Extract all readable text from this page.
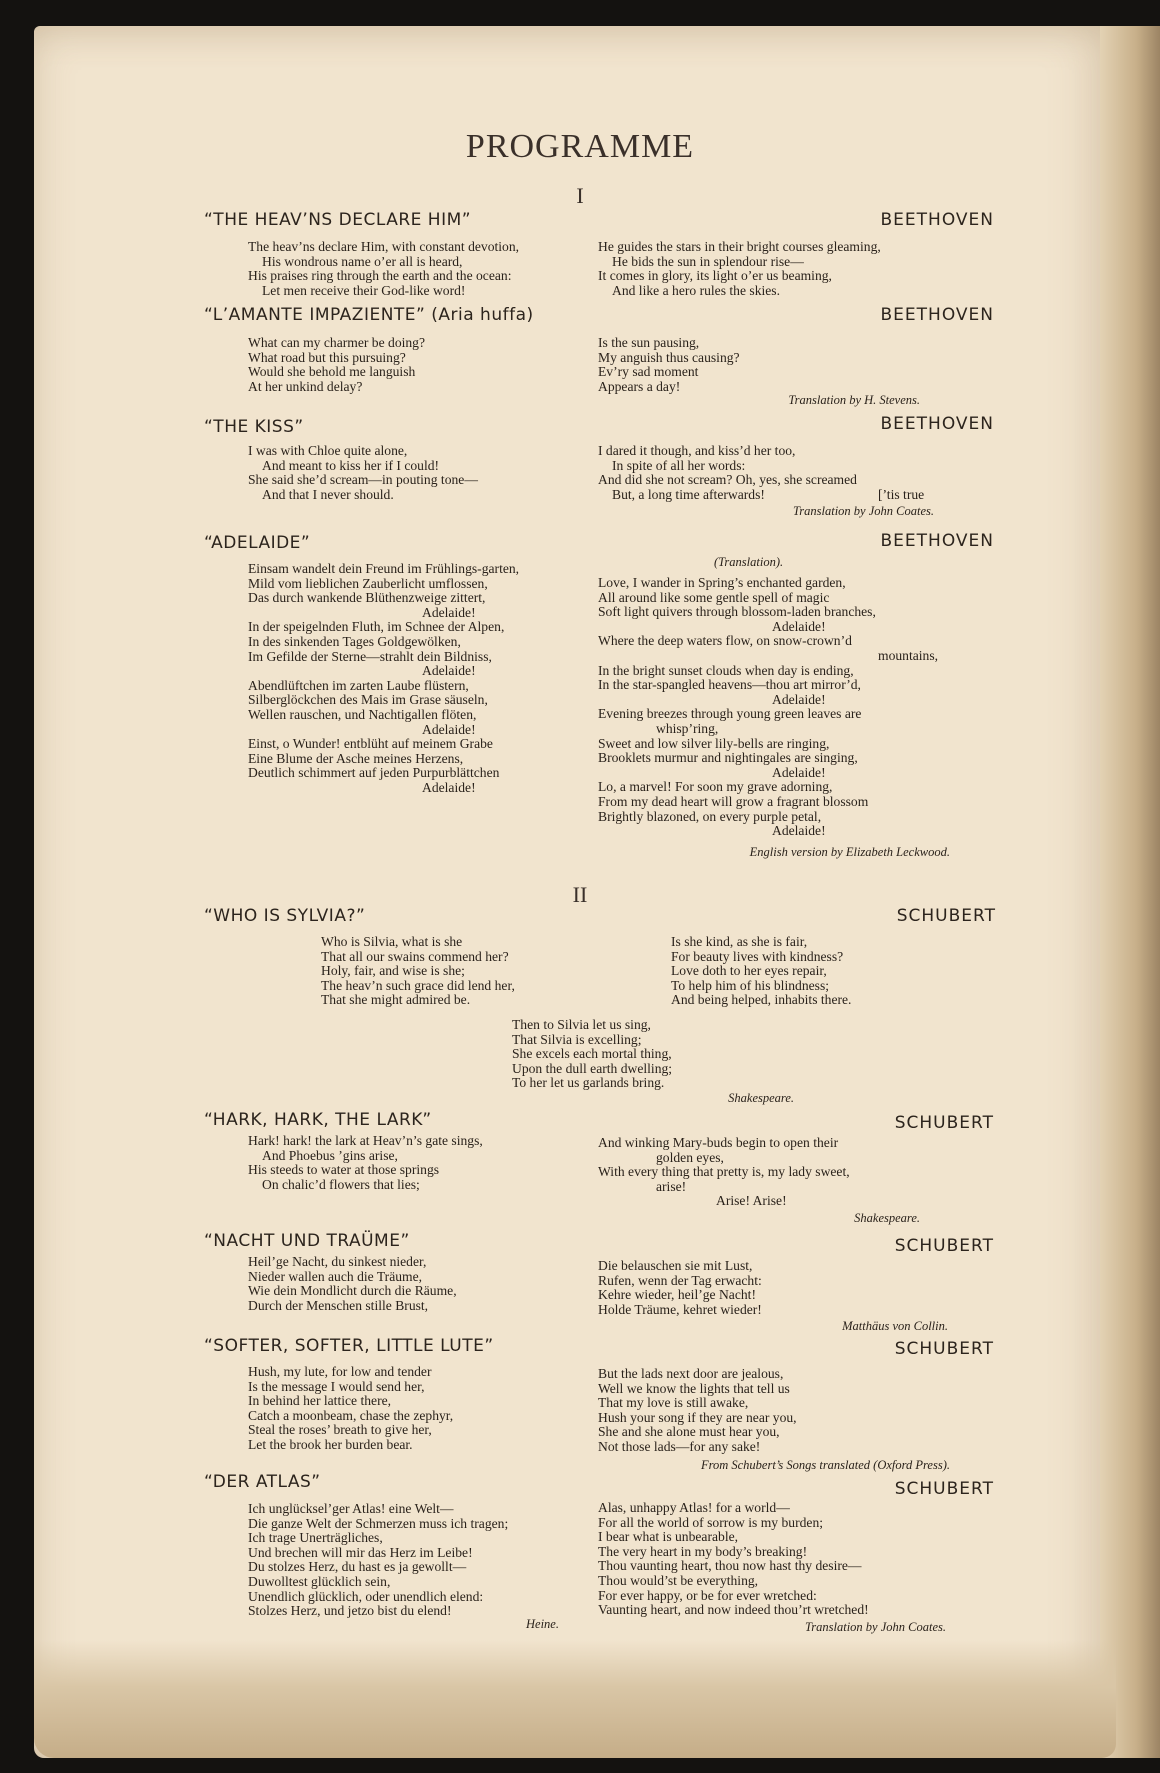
PROGRAMME
I
“THE HEAV’NS DECLARE HIM”	BEETHOVEN
The heav’ns declare Him, with constant devotion,
His wondrous name o’er all is heard,
His praises ring through the earth and the ocean:
Let men receive their God-like word!
He guides the stars in their bright courses gleaming,
He bids the sun in splendour rise—
It comes in glory, its light o’er us beaming,
And like a hero rules the skies.
“L’AMANTE IMPAZIENTE” (Aria huffa)	BEETHOVEN
What can my charmer be doing?
What road but this pursuing?
Would she behold me languish
At her unkind delay?
Is the sun pausing,
My anguish thus causing?
Ev’ry sad moment
Appears a day!
Translation by H. Stevens.
“THE KISS”	BEETHOVEN
I was with Chloe quite alone,
And meant to kiss her if I could!
She said she’d scream—in pouting tone—
And that I never should.
I dared it though, and kiss’d her too,
In spite of all her words:
And did she not scream? Oh, yes, she screamed
But, a long time afterwards!	[’tis true
Translation by John Coates.
“ADELAIDE”	BEETHOVEN
(Translation).
Einsam wandelt dein Freund im Frühlings-garten,
Mild vom lieblichen Zauberlicht umflossen,
Das durch wankende Blüthenzweige zittert,
Adelaide!
In der speigelnden Fluth, im Schnee der Alpen,
In des sinkenden Tages Goldgewölken,
Im Gefilde der Sterne—strahlt dein Bildniss,
Adelaide!
Abendlüftchen im zarten Laube flüstern,
Silberglöckchen des Mais im Grase säuseln,
Wellen rauschen, und Nachtigallen flöten,
Adelaide!
Einst, o Wunder! entblüht auf meinem Grabe
Eine Blume der Asche meines Herzens,
Deutlich schimmert auf jeden Purpurblättchen
Adelaide!
Love, I wander in Spring’s enchanted garden,
All around like some gentle spell of magic
Soft light quivers through blossom-laden branches,
Adelaide!
Where the deep waters flow, on snow-crown’d
mountains,
In the bright sunset clouds when day is ending,
In the star-spangled heavens—thou art mirror’d,
Adelaide!
Evening breezes through young green leaves are
whisp’ring,
Sweet and low silver lily-bells are ringing,
Brooklets murmur and nightingales are singing,
Adelaide!
Lo, a marvel! For soon my grave adorning,
From my dead heart will grow a fragrant blossom
Brightly blazoned, on every purple petal,
Adelaide!
English version by Elizabeth Leckwood.
II
“WHO IS SYLVIA?”	SCHUBERT
Who is Silvia, what is she
That all our swains commend her?
Holy, fair, and wise is she;
The heav’n such grace did lend her,
That she might admired be.
Is she kind, as she is fair,
For beauty lives with kindness?
Love doth to her eyes repair,
To help him of his blindness;
And being helped, inhabits there.
Then to Silvia let us sing,
That Silvia is excelling;
She excels each mortal thing,
Upon the dull earth dwelling;
To her let us garlands bring.
Shakespeare.
“HARK, HARK, THE LARK”	SCHUBERT
Hark! hark! the lark at Heav’n’s gate sings,
And Phoebus ’gins arise,
His steeds to water at those springs
On chalic’d flowers that lies;
And winking Mary-buds begin to open their
golden eyes,
With every thing that pretty is, my lady sweet,
arise!
Arise! Arise!
Shakespeare.
“NACHT UND TRAÜME”	SCHUBERT
Heil’ge Nacht, du sinkest nieder,
Nieder wallen auch die Träume,
Wie dein Mondlicht durch die Räume,
Durch der Menschen stille Brust,
Die belauschen sie mit Lust,
Rufen, wenn der Tag erwacht:
Kehre wieder, heil’ge Nacht!
Holde Träume, kehret wieder!
Matthäus von Collin.
“SOFTER, SOFTER, LITTLE LUTE”	SCHUBERT
Hush, my lute, for low and tender
Is the message I would send her,
In behind her lattice there,
Catch a moonbeam, chase the zephyr,
Steal the roses’ breath to give her,
Let the brook her burden bear.
But the lads next door are jealous,
Well we know the lights that tell us
That my love is still awake,
Hush your song if they are near you,
She and she alone must hear you,
Not those lads—for any sake!
From Schubert’s Songs translated (Oxford Press).
“DER ATLAS”	SCHUBERT
Ich unglücksel’ger Atlas! eine Welt—
Die ganze Welt der Schmerzen muss ich tragen;
Ich trage Unerträgliches,
Und brechen will mir das Herz im Leibe!
Du stolzes Herz, du hast es ja gewollt—
Duwolltest glücklich sein,
Unendlich glücklich, oder unendlich elend:
Stolzes Herz, und jetzo bist du elend!
Heine.
Alas, unhappy Atlas! for a world—
For all the world of sorrow is my burden;
I bear what is unbearable,
The very heart in my body’s breaking!
Thou vaunting heart, thou now hast thy desire—
Thou would’st be everything,
For ever happy, or be for ever wretched:
Vaunting heart, and now indeed thou’rt wretched!
Translation by John Coates.
